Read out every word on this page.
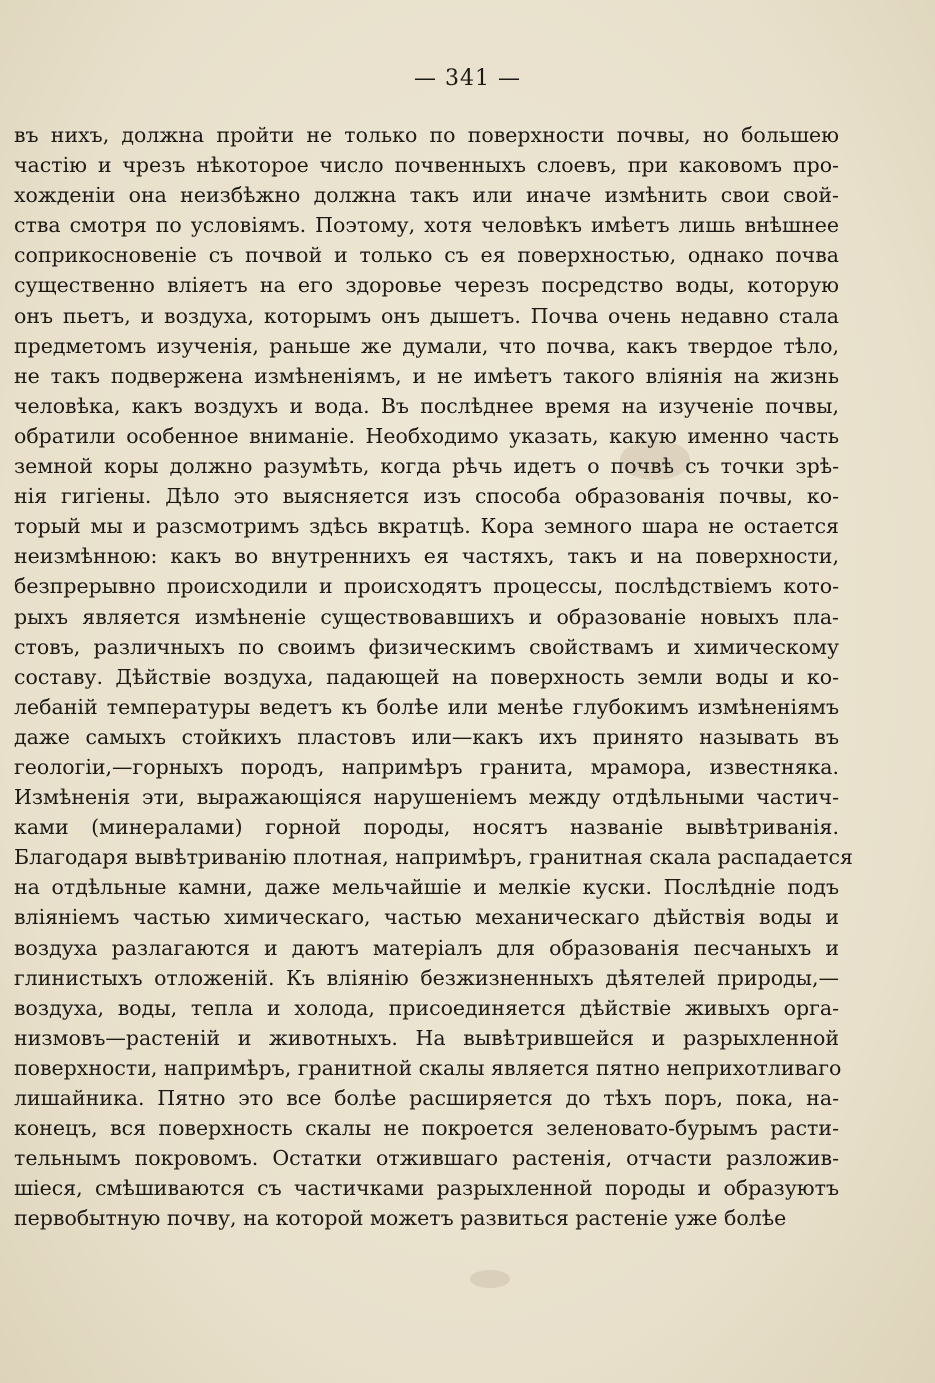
— 341 —
въ нихъ, должна пройти не только по поверхности почвы, но большею
частію и чрезъ нѣкоторое число почвенныхъ слоевъ, при каковомъ про-
хожденіи она неизбѣжно должна такъ или иначе измѣнить свои свой-
ства смотря по условіямъ. Поэтому, хотя человѣкъ имѣетъ лишь внѣшнее
соприкосновеніе съ почвой и только съ ея поверхностью, однако почва
существенно вліяетъ на его здоровье черезъ посредство воды, которую
онъ пьетъ, и воздуха, которымъ онъ дышетъ. Почва очень недавно стала
предметомъ изученія, раньше же думали, что почва, какъ твердое тѣло,
не такъ подвержена измѣненіямъ, и не имѣетъ такого вліянія на жизнь
человѣка, какъ воздухъ и вода. Въ послѣднее время на изученіе почвы,
обратили особенное вниманіе. Необходимо указать, какую именно часть
земной коры должно разумѣть, когда рѣчь идетъ о почвѣ съ точки зрѣ-
нія гигіены. Дѣло это выясняется изъ способа образованія почвы, ко-
торый мы и разсмотримъ здѣсь вкратцѣ. Кора земного шара не остается
неизмѣнною: какъ во внутреннихъ ея частяхъ, такъ и на поверхности,
безпрерывно происходили и происходятъ процессы, послѣдствіемъ кото-
рыхъ является измѣненіе существовавшихъ и образованіе новыхъ пла-
стовъ, различныхъ по своимъ физическимъ свойствамъ и химическому
составу. Дѣйствіе воздуха, падающей на поверхность земли воды и ко-
лебаній температуры ведетъ къ болѣе или менѣе глубокимъ измѣненіямъ
даже самыхъ стойкихъ пластовъ или—какъ ихъ принято называть въ
геологіи,—горныхъ породъ, напримѣръ гранита, мрамора, известняка.
Измѣненія эти, выражающіяся нарушеніемъ между отдѣльными частич-
ками (минералами) горной породы, носятъ названіе вывѣтриванія.
Благодаря вывѣтриванію плотная, напримѣръ, гранитная скала распадается
на отдѣльные камни, даже мельчайшіе и мелкіе куски. Послѣдніе подъ
вліяніемъ частью химическаго, частью механическаго дѣйствія воды и
воздуха разлагаются и даютъ матеріалъ для образованія песчаныхъ и
глинистыхъ отложеній. Къ вліянію безжизненныхъ дѣятелей природы,—
воздуха, воды, тепла и холода, присоединяется дѣйствіе живыхъ орга-
низмовъ—растеній и животныхъ. На вывѣтрившейся и разрыхленной
поверхности, напримѣръ, гранитной скалы является пятно неприхотливаго
лишайника. Пятно это все болѣе расширяется до тѣхъ поръ, пока, на-
конецъ, вся поверхность скалы не покроется зеленовато-бурымъ расти-
тельнымъ покровомъ. Остатки отжившаго растенія, отчасти разложив-
шіеся, смѣшиваются съ частичками разрыхленной породы и образуютъ
первобытную почву, на которой можетъ развиться растеніе уже болѣе
